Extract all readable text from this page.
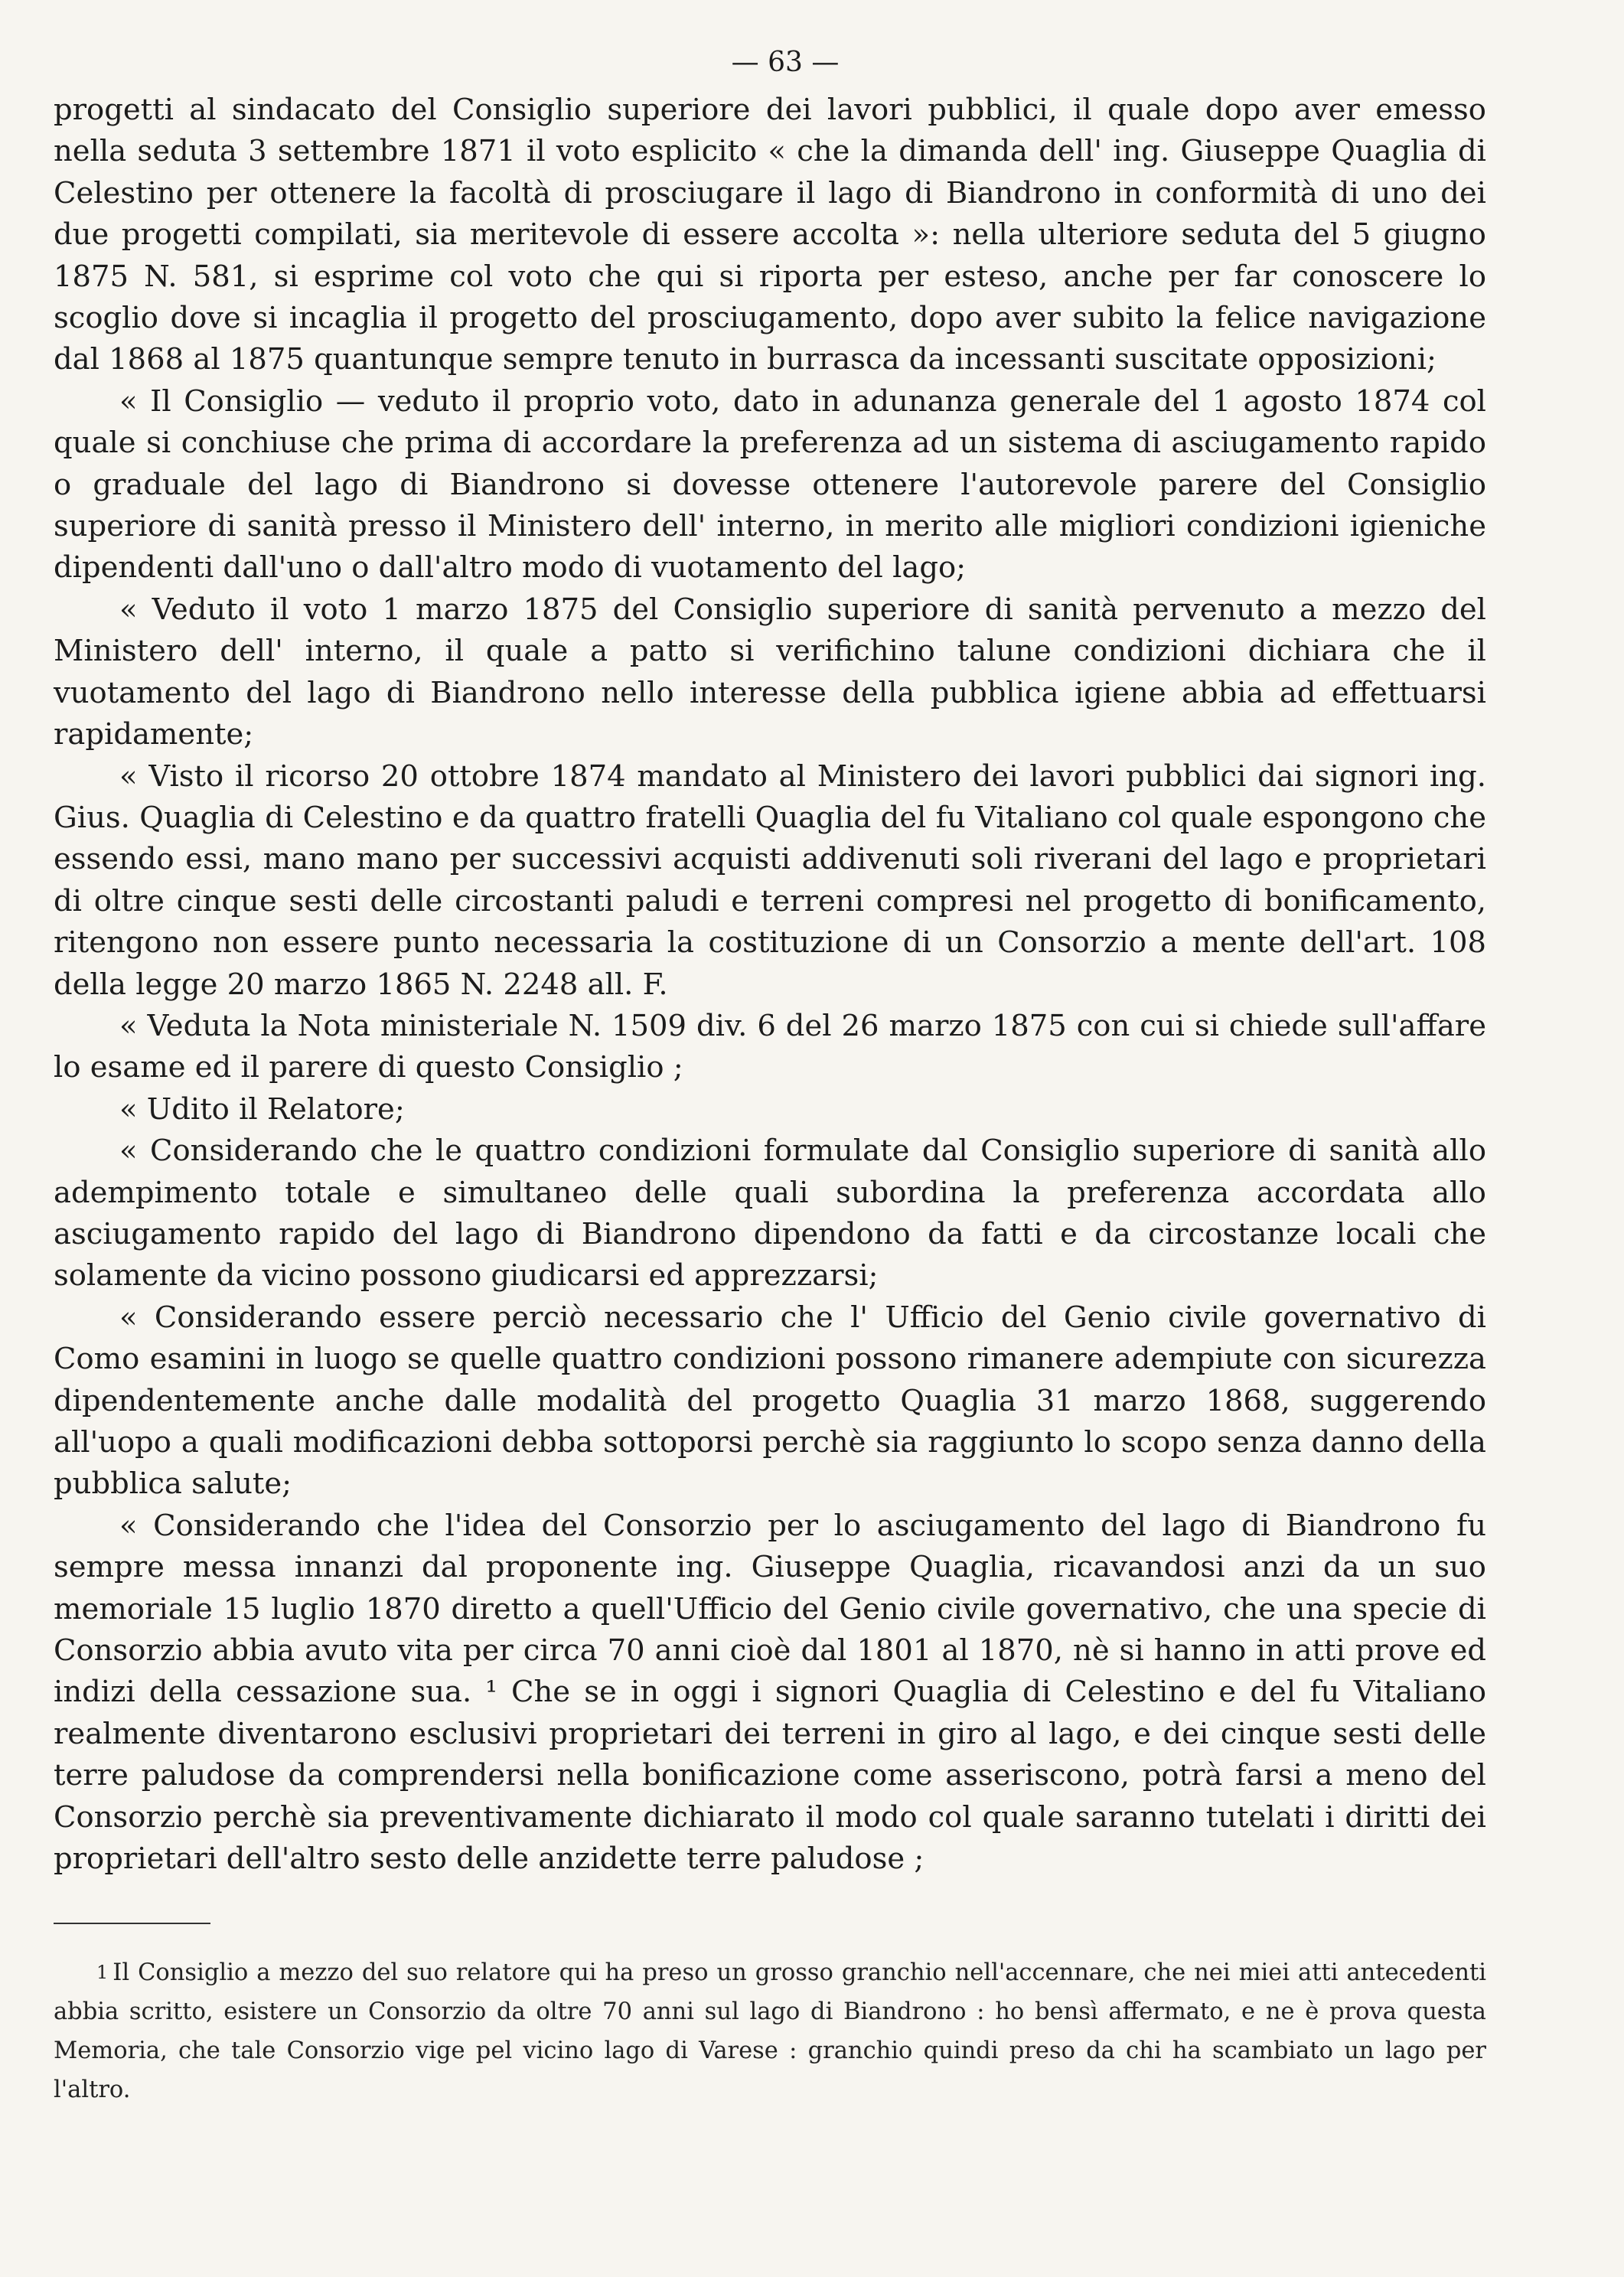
— 63 —

progetti al sindacato del Consiglio superiore dei lavori pubblici, il quale dopo aver emesso nella seduta 3 settembre 1871 il voto esplicito « che la dimanda dell' ing. Giuseppe Quaglia di Celestino per ottenere la facoltà di prosciugare il lago di Biandrono in conformità di uno dei due progetti compilati, sia meritevole di essere accolta »: nella ulteriore seduta del 5 giugno 1875 N. 581, si esprime col voto che qui si riporta per esteso, anche per far conoscere lo scoglio dove si incaglia il progetto del prosciugamento, dopo aver subito la felice navigazione dal 1868 al 1875 quantunque sempre tenuto in burrasca da incessanti suscitate opposizioni;

« Il Consiglio — veduto il proprio voto, dato in adunanza generale del 1 agosto 1874 col quale si conchiuse che prima di accordare la preferenza ad un sistema di asciugamento rapido o graduale del lago di Biandrono si dovesse ottenere l'autorevole parere del Consiglio superiore di sanità presso il Ministero dell' interno, in merito alle migliori condizioni igieniche dipendenti dall'uno o dall'altro modo di vuotamento del lago;

« Veduto il voto 1 marzo 1875 del Consiglio superiore di sanità pervenuto a mezzo del Ministero dell' interno, il quale a patto si verifichino talune condizioni dichiara che il vuotamento del lago di Biandrono nello interesse della pubblica igiene abbia ad effettuarsi rapidamente;

« Visto il ricorso 20 ottobre 1874 mandato al Ministero dei lavori pubblici dai signori ing. Gius. Quaglia di Celestino e da quattro fratelli Quaglia del fu Vitaliano col quale espongono che essendo essi, mano mano per successivi acquisti addivenuti soli riverani del lago e proprietari di oltre cinque sesti delle circostanti paludi e terreni compresi nel progetto di bonificamento, ritengono non essere punto necessaria la costituzione di un Consorzio a mente dell'art. 108 della legge 20 marzo 1865 N. 2248 all. F.

« Veduta la Nota ministeriale N. 1509 div. 6 del 26 marzo 1875 con cui si chiede sull'affare lo esame ed il parere di questo Consiglio ;

« Udito il Relatore;

« Considerando che le quattro condizioni formulate dal Consiglio superiore di sanità allo adempimento totale e simultaneo delle quali subordina la preferenza accordata allo asciugamento rapido del lago di Biandrono dipendono da fatti e da circostanze locali che solamente da vicino possono giudicarsi ed apprezzarsi;

« Considerando essere perciò necessario che l' Ufficio del Genio civile governativo di Como esamini in luogo se quelle quattro condizioni possono rimanere adempiute con sicurezza dipendentemente anche dalle modalità del progetto Quaglia 31 marzo 1868, suggerendo all'uopo a quali modificazioni debba sottoporsi perchè sia raggiunto lo scopo senza danno della pubblica salute;

« Considerando che l'idea del Consorzio per lo asciugamento del lago di Biandrono fu sempre messa innanzi dal proponente ing. Giuseppe Quaglia, ricavandosi anzi da un suo memoriale 15 luglio 1870 diretto a quell'Ufficio del Genio civile governativo, che una specie di Consorzio abbia avuto vita per circa 70 anni cioè dal 1801 al 1870, nè si hanno in atti prove ed indizi della cessazione sua. ¹ Che se in oggi i signori Quaglia di Celestino e del fu Vitaliano realmente diventarono esclusivi proprietari dei terreni in giro al lago, e dei cinque sesti delle terre paludose da comprendersi nella bonificazione come asseriscono, potrà farsi a meno del Consorzio perchè sia preventivamente dichiarato il modo col quale saranno tutelati i diritti dei proprietari dell'altro sesto delle anzidette terre paludose ;

$^1$ Il Consiglio a mezzo del suo relatore qui ha preso un grosso granchio nell'accennare, che nei miei atti antecedenti abbia scritto, esistere un Consorzio da oltre 70 anni sul lago di Biandrono : ho bensì affermato, e ne è prova questa Memoria, che tale Consorzio vige pel vicino lago di Varese : granchio quindi preso da chi ha scambiato un lago per l'altro.
